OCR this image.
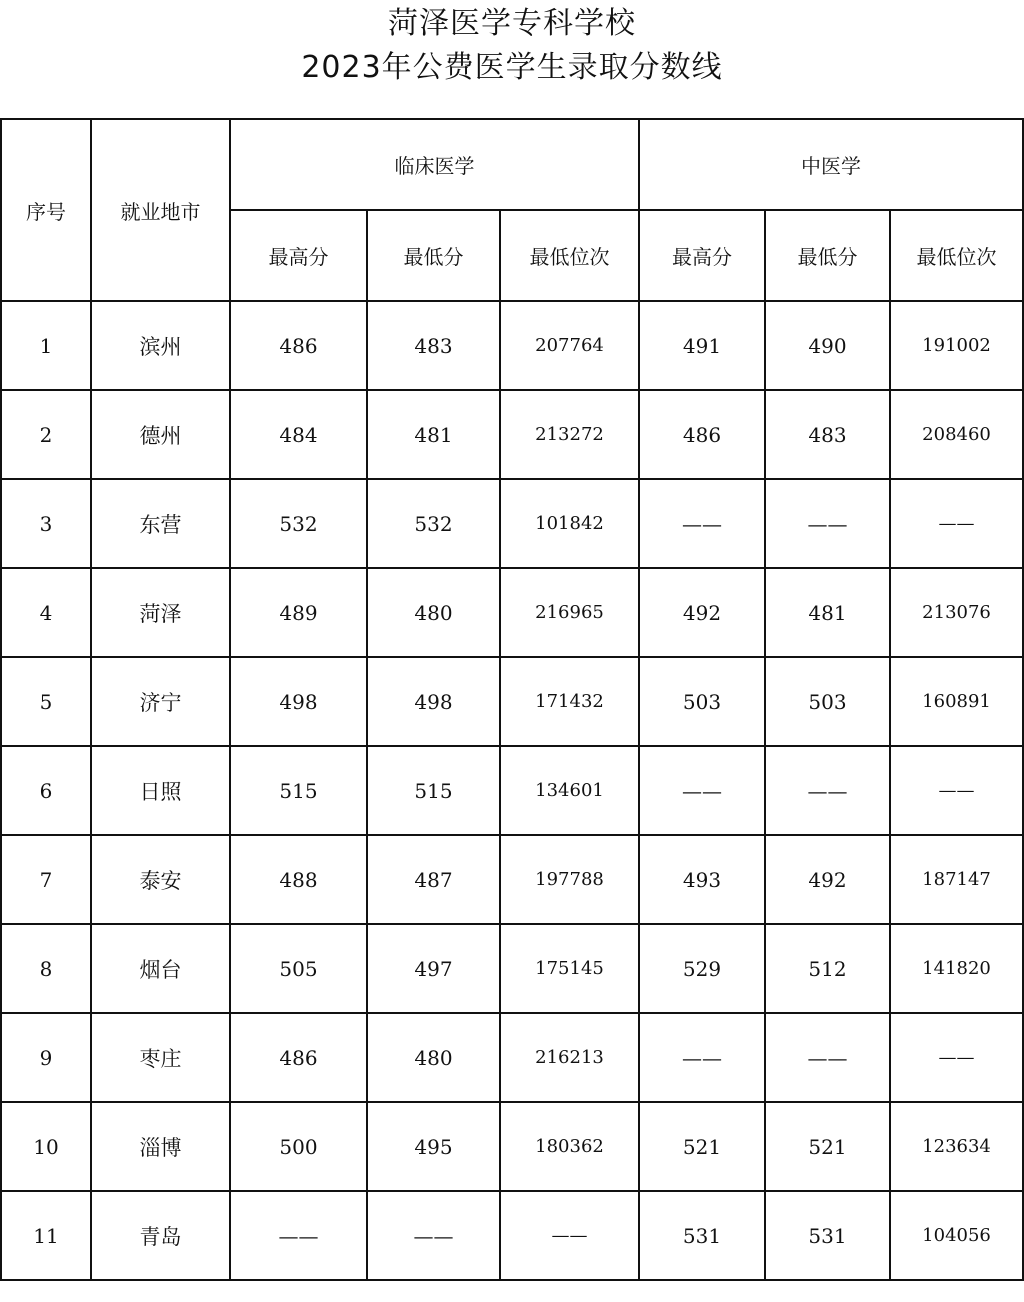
菏泽医学专科学校
2023年公费医学生录取分数线
序号	就业地市	临床医学			中医学		
		最高分	最低分	最低位次	最高分	最低分	最低位次
1	滨州	486	483	207764	491	490	191002
2	德州	484	481	213272	486	483	208460
3	东营	532	532	101842	——	——	——
4	菏泽	489	480	216965	492	481	213076
5	济宁	498	498	171432	503	503	160891
6	日照	515	515	134601	——	——	——
7	泰安	488	487	197788	493	492	187147
8	烟台	505	497	175145	529	512	141820
9	枣庄	486	480	216213	——	——	——
10	淄博	500	495	180362	521	521	123634
11	青岛	——	——	——	531	531	104056
